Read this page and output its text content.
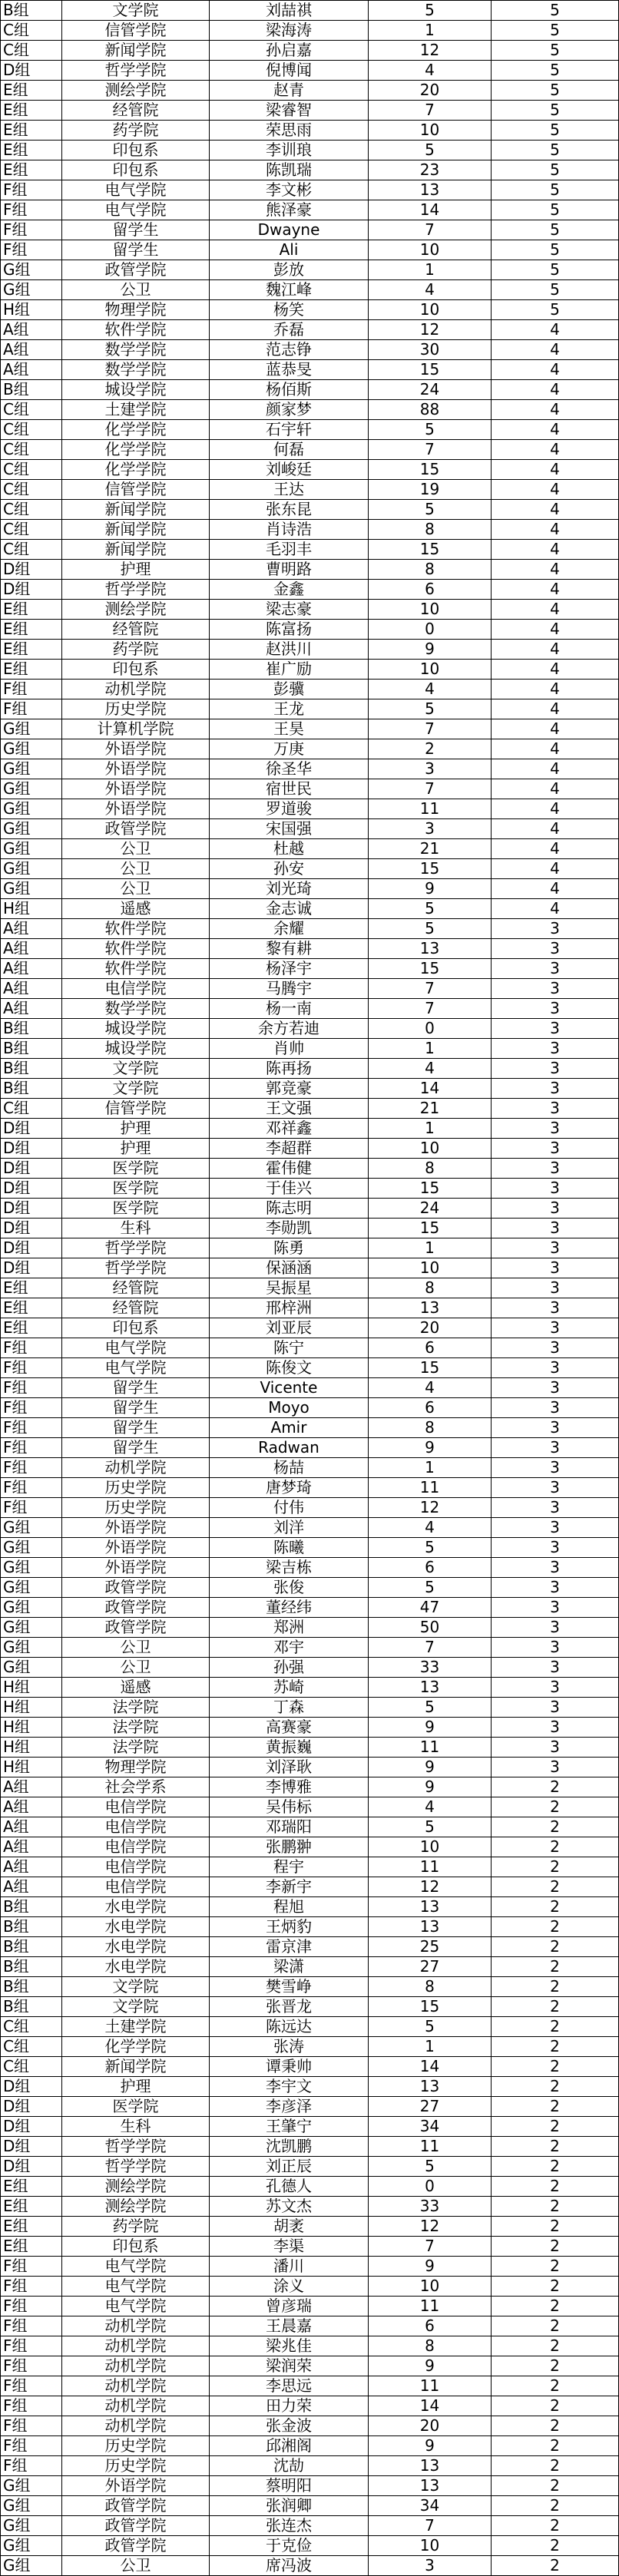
B组	文学院	刘喆祺	5	5
C组	信管学院	梁海涛	1	5
C组	新闻学院	孙启嘉	12	5
D组	哲学学院	倪博闻	4	5
E组	测绘学院	赵青	20	5
E组	经管院	梁睿智	7	5
E组	药学院	荣思雨	10	5
E组	印包系	李训琅	5	5
E组	印包系	陈凯瑞	23	5
F组	电气学院	李文彬	13	5
F组	电气学院	熊泽豪	14	5
F组	留学生	Dwayne	7	5
F组	留学生	Ali	10	5
G组	政管学院	彭放	1	5
G组	公卫	魏江峰	4	5
H组	物理学院	杨笑	10	5
A组	软件学院	乔磊	12	4
A组	数学学院	范志铮	30	4
A组	数学学院	蓝恭旻	15	4
B组	城设学院	杨佰斯	24	4
C组	土建学院	颜家梦	88	4
C组	化学学院	石宇轩	5	4
C组	化学学院	何磊	7	4
C组	化学学院	刘峻廷	15	4
C组	信管学院	王达	19	4
C组	新闻学院	张东昆	5	4
C组	新闻学院	肖诗浩	8	4
C组	新闻学院	毛羽丰	15	4
D组	护理	曹明路	8	4
D组	哲学学院	金鑫	6	4
E组	测绘学院	梁志豪	10	4
E组	经管院	陈富扬	0	4
E组	药学院	赵洪川	9	4
E组	印包系	崔广励	10	4
F组	动机学院	彭骥	4	4
F组	历史学院	王龙	5	4
G组	计算机学院	王昊	7	4
G组	外语学院	万庚	2	4
G组	外语学院	徐圣华	3	4
G组	外语学院	宿世民	7	4
G组	外语学院	罗道骏	11	4
G组	政管学院	宋国强	3	4
G组	公卫	杜越	21	4
G组	公卫	孙安	15	4
G组	公卫	刘光琦	9	4
H组	遥感	金志诚	5	4
A组	软件学院	余耀	5	3
A组	软件学院	黎有耕	13	3
A组	软件学院	杨泽宇	15	3
A组	电信学院	马腾宇	7	3
A组	数学学院	杨一南	7	3
B组	城设学院	余方若迪	0	3
B组	城设学院	肖帅	1	3
B组	文学院	陈再扬	4	3
B组	文学院	郭竞豪	14	3
C组	信管学院	王文强	21	3
D组	护理	邓祥鑫	1	3
D组	护理	李超群	10	3
D组	医学院	霍伟健	8	3
D组	医学院	于佳兴	15	3
D组	医学院	陈志明	24	3
D组	生科	李勋凯	15	3
D组	哲学学院	陈勇	1	3
D组	哲学学院	保涵涵	10	3
E组	经管院	吴振星	8	3
E组	经管院	邢梓洲	13	3
E组	印包系	刘亚辰	20	3
F组	电气学院	陈宁	6	3
F组	电气学院	陈俊文	15	3
F组	留学生	Vicente	4	3
F组	留学生	Moyo	6	3
F组	留学生	Amir	8	3
F组	留学生	Radwan	9	3
F组	动机学院	杨喆	1	3
F组	历史学院	唐梦琦	11	3
F组	历史学院	付伟	12	3
G组	外语学院	刘洋	4	3
G组	外语学院	陈曦	5	3
G组	外语学院	梁吉栋	6	3
G组	政管学院	张俊	5	3
G组	政管学院	董经纬	47	3
G组	政管学院	郑洲	50	3
G组	公卫	邓宇	7	3
G组	公卫	孙强	33	3
H组	遥感	苏崎	13	3
H组	法学院	丁森	5	3
H组	法学院	高赛豪	9	3
H组	法学院	黄振巍	11	3
H组	物理学院	刘泽耿	9	3
A组	社会学系	李博雅	9	2
A组	电信学院	吴伟标	4	2
A组	电信学院	邓瑞阳	5	2
A组	电信学院	张鹏翀	10	2
A组	电信学院	程宇	11	2
A组	电信学院	李新宇	12	2
B组	水电学院	程旭	13	2
B组	水电学院	王炳豹	13	2
B组	水电学院	雷京津	25	2
B组	水电学院	梁潇	27	2
B组	文学院	樊雪峥	8	2
B组	文学院	张晋龙	15	2
C组	土建学院	陈远达	5	2
C组	化学学院	张涛	1	2
C组	新闻学院	谭秉帅	14	2
D组	护理	李宇文	13	2
D组	医学院	李彦泽	27	2
D组	生科	王肇宁	34	2
D组	哲学学院	沈凯鹏	11	2
D组	哲学学院	刘正辰	5	2
E组	测绘学院	孔德人	0	2
E组	测绘学院	苏文杰	33	2
E组	药学院	胡袤	12	2
E组	印包系	李渠	7	2
F组	电气学院	潘川	9	2
F组	电气学院	涂义	10	2
F组	电气学院	曾彦瑞	11	2
F组	动机学院	王晨嘉	6	2
F组	动机学院	梁兆佳	8	2
F组	动机学院	梁润荣	9	2
F组	动机学院	李思远	11	2
F组	动机学院	田力荣	14	2
F组	动机学院	张金波	20	2
F组	历史学院	邱湘阁	9	2
F组	历史学院	沈劼	13	2
G组	外语学院	蔡明阳	13	2
G组	政管学院	张润卿	34	2
G组	政管学院	张连杰	7	2
G组	政管学院	于克俭	10	2
G组	公卫	席冯波	3	2
